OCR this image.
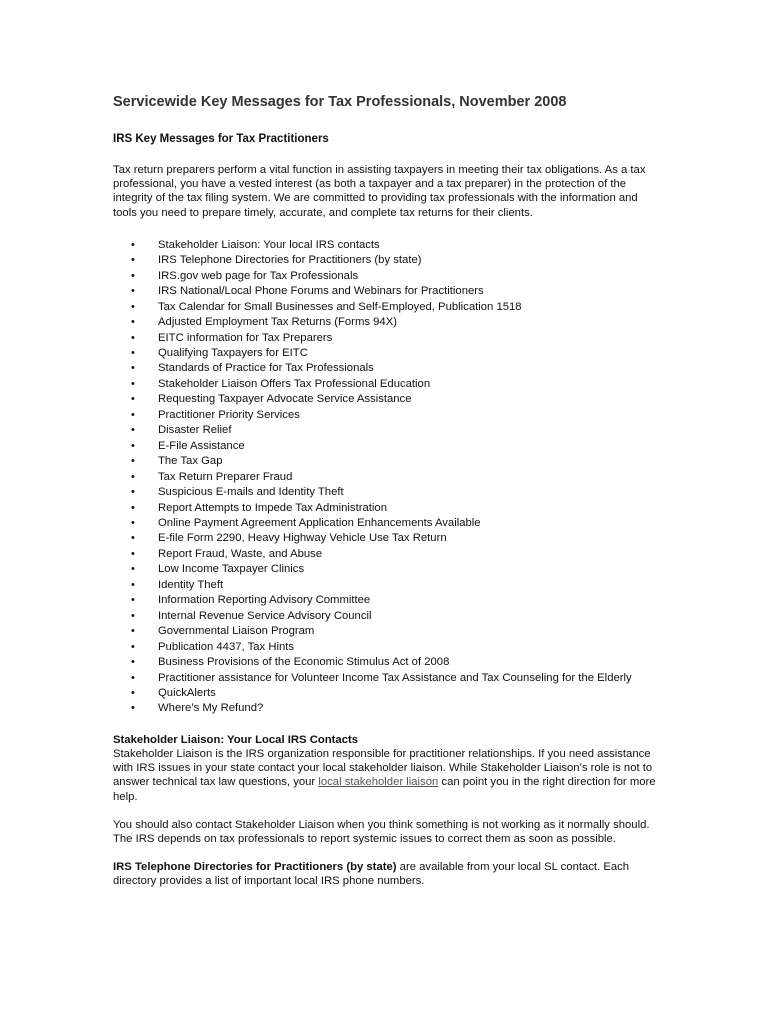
Servicewide Key Messages for Tax Professionals, November 2008
IRS Key Messages for Tax Practitioners

Tax return preparers perform a vital function in assisting taxpayers in meeting their tax obligations. As a tax professional, you have a vested interest (as both a taxpayer and a tax preparer) in the protection of the integrity of the tax filing system. We are committed to providing tax professionals with the information and tools you need to prepare timely, accurate, and complete tax returns for their clients.

• Stakeholder Liaison: Your local IRS contacts
• IRS Telephone Directories for Practitioners (by state)
• IRS.gov web page for Tax Professionals
• IRS National/Local Phone Forums and Webinars for Practitioners
• Tax Calendar for Small Businesses and Self-Employed, Publication 1518
• Adjusted Employment Tax Returns (Forms 94X)
• EITC information for Tax Preparers
• Qualifying Taxpayers for EITC
• Standards of Practice for Tax Professionals
• Stakeholder Liaison Offers Tax Professional Education
• Requesting Taxpayer Advocate Service Assistance
• Practitioner Priority Services
• Disaster Relief
• E-File Assistance
• The Tax Gap
• Tax Return Preparer Fraud
• Suspicious E-mails and Identity Theft
• Report Attempts to Impede Tax Administration
• Online Payment Agreement Application Enhancements Available
• E-file Form 2290, Heavy Highway Vehicle Use Tax Return
• Report Fraud, Waste, and Abuse
• Low Income Taxpayer Clinics
• Identity Theft
• Information Reporting Advisory Committee
• Internal Revenue Service Advisory Council
• Governmental Liaison Program
• Publication 4437, Tax Hints
• Business Provisions of the Economic Stimulus Act of 2008
• Practitioner assistance for Volunteer Income Tax Assistance and Tax Counseling for the Elderly
• QuickAlerts
• Where’s My Refund?

Stakeholder Liaison: Your Local IRS Contacts

Stakeholder Liaison is the IRS organization responsible for practitioner relationships. If you need assistance with IRS issues in your state contact your local stakeholder liaison. While Stakeholder Liaison’s role is not to answer technical tax law questions, your local stakeholder liaison can point you in the right direction for more help.

You should also contact Stakeholder Liaison when you think something is not working as it normally should. The IRS depends on tax professionals to report systemic issues to correct them as soon as possible.

IRS Telephone Directories for Practitioners (by state) are available from your local SL contact. Each directory provides a list of important local IRS phone numbers.
